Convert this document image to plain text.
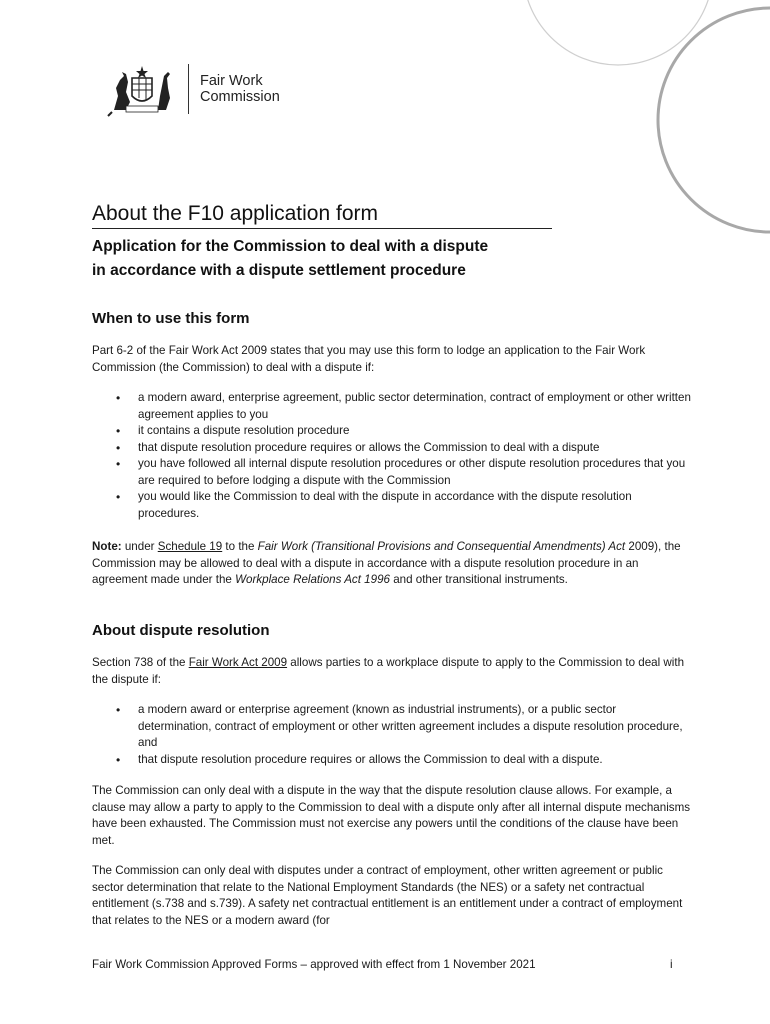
Fair Work
Commission
About the F10 application form
Application for the Commission to deal with a dispute
in accordance with a dispute settlement procedure
When to use this form
Part 6-2 of the Fair Work Act 2009 states that you may use this form to lodge an application to the Fair Work Commission (the Commission) to deal with a dispute if:
• a modern award, enterprise agreement, public sector determination, contract of employment or other written agreement applies to you
• it contains a dispute resolution procedure
• that dispute resolution procedure requires or allows the Commission to deal with a dispute
• you have followed all internal dispute resolution procedures or other dispute resolution procedures that you are required to before lodging a dispute with the Commission
• you would like the Commission to deal with the dispute in accordance with the dispute resolution procedures.
Note: under Schedule 19 to the Fair Work (Transitional Provisions and Consequential Amendments) Act 2009), the Commission may be allowed to deal with a dispute in accordance with a dispute resolution procedure in an agreement made under the Workplace Relations Act 1996 and other transitional instruments.
About dispute resolution
Section 738 of the Fair Work Act 2009 allows parties to a workplace dispute to apply to the Commission to deal with the dispute if:
• a modern award or enterprise agreement (known as industrial instruments), or a public sector determination, contract of employment or other written agreement includes a dispute resolution procedure, and
• that dispute resolution procedure requires or allows the Commission to deal with a dispute.
The Commission can only deal with a dispute in the way that the dispute resolution clause allows. For example, a clause may allow a party to apply to the Commission to deal with a dispute only after all internal dispute mechanisms have been exhausted. The Commission must not exercise any powers until the conditions of the clause have been met.
The Commission can only deal with disputes under a contract of employment, other written agreement or public sector determination that relate to the National Employment Standards (the NES) or a safety net contractual entitlement (s.738 and s.739). A safety net contractual entitlement is an entitlement under a contract of employment that relates to the NES or a modern award (for
Fair Work Commission Approved Forms – approved with effect from 1 November 2021	i
